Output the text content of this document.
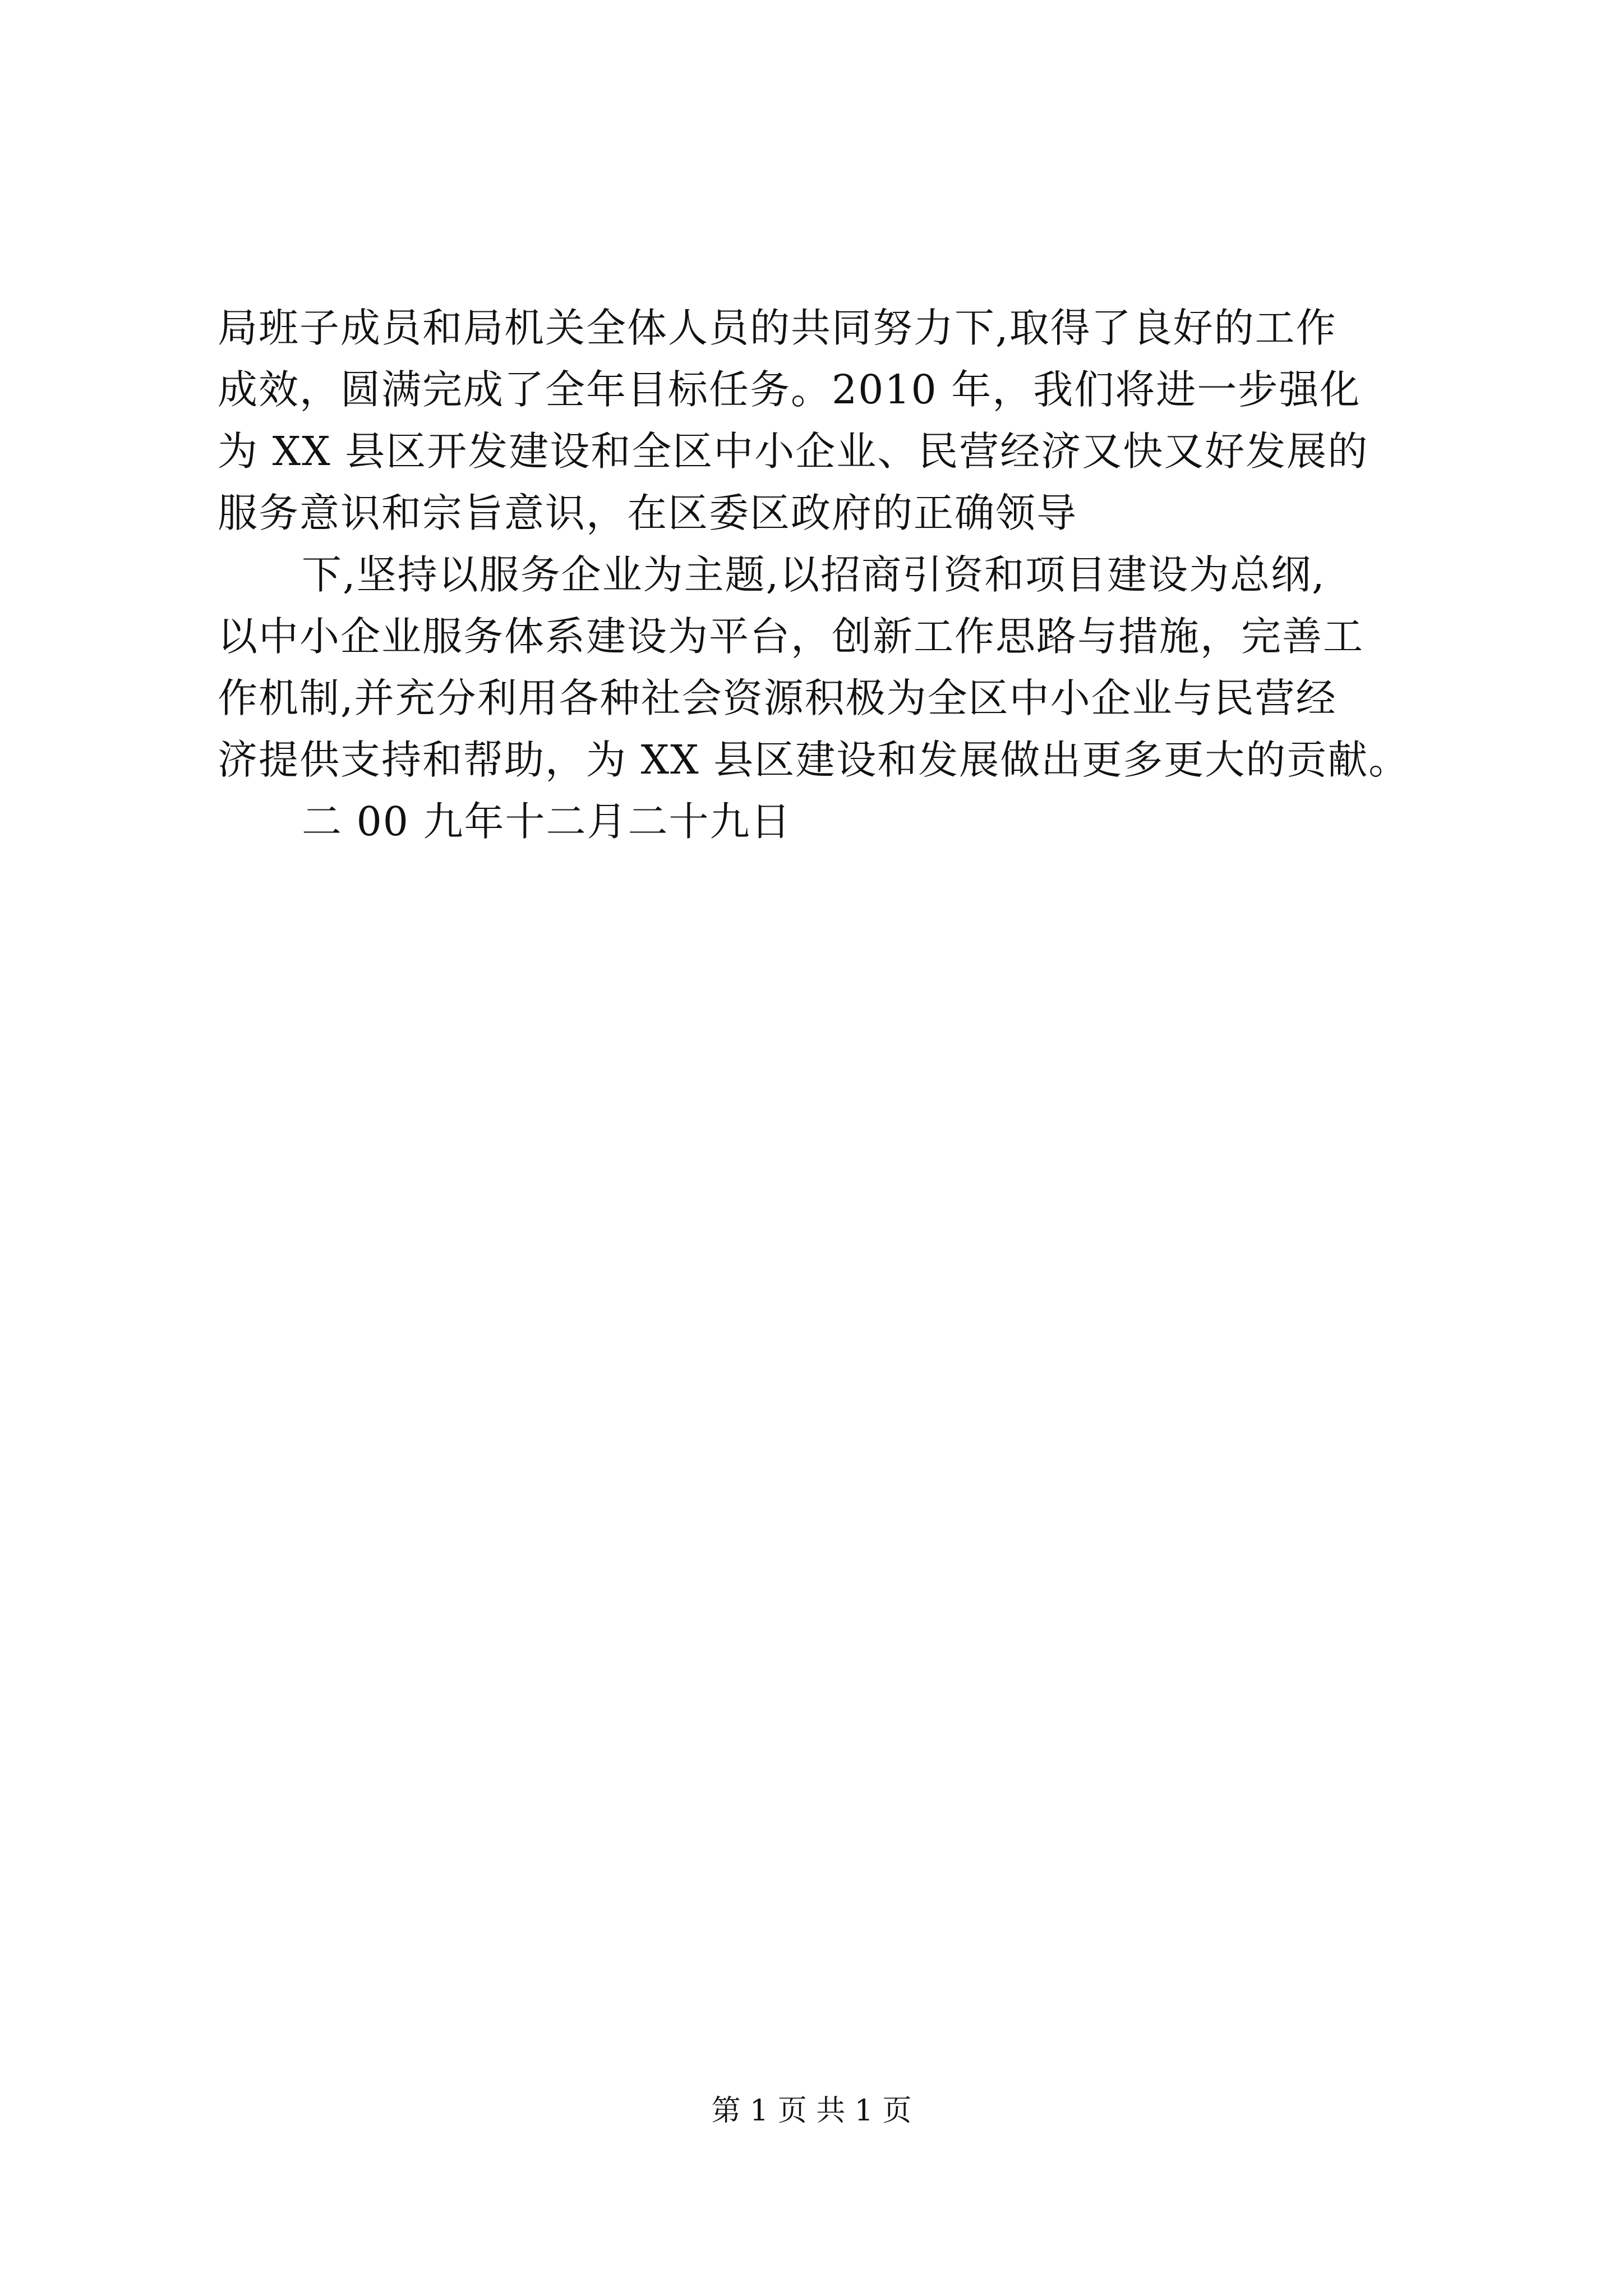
局班子成员和局机关全体人员的共同努力下,取得了良好的工作
成效，圆满完成了全年目标任务。2010 年，我们将进一步强化
为 XX 县区开发建设和全区中小企业、民营经济又快又好发展的
服务意识和宗旨意识，在区委区政府的正确领导
下,坚持以服务企业为主题,以招商引资和项目建设为总纲,
以中小企业服务体系建设为平台，创新工作思路与措施，完善工
作机制,并充分利用各种社会资源积极为全区中小企业与民营经
济提供支持和帮助，为 XX 县区建设和发展做出更多更大的贡献。
二 00 九年十二月二十九日
第 1 页 共 1 页
